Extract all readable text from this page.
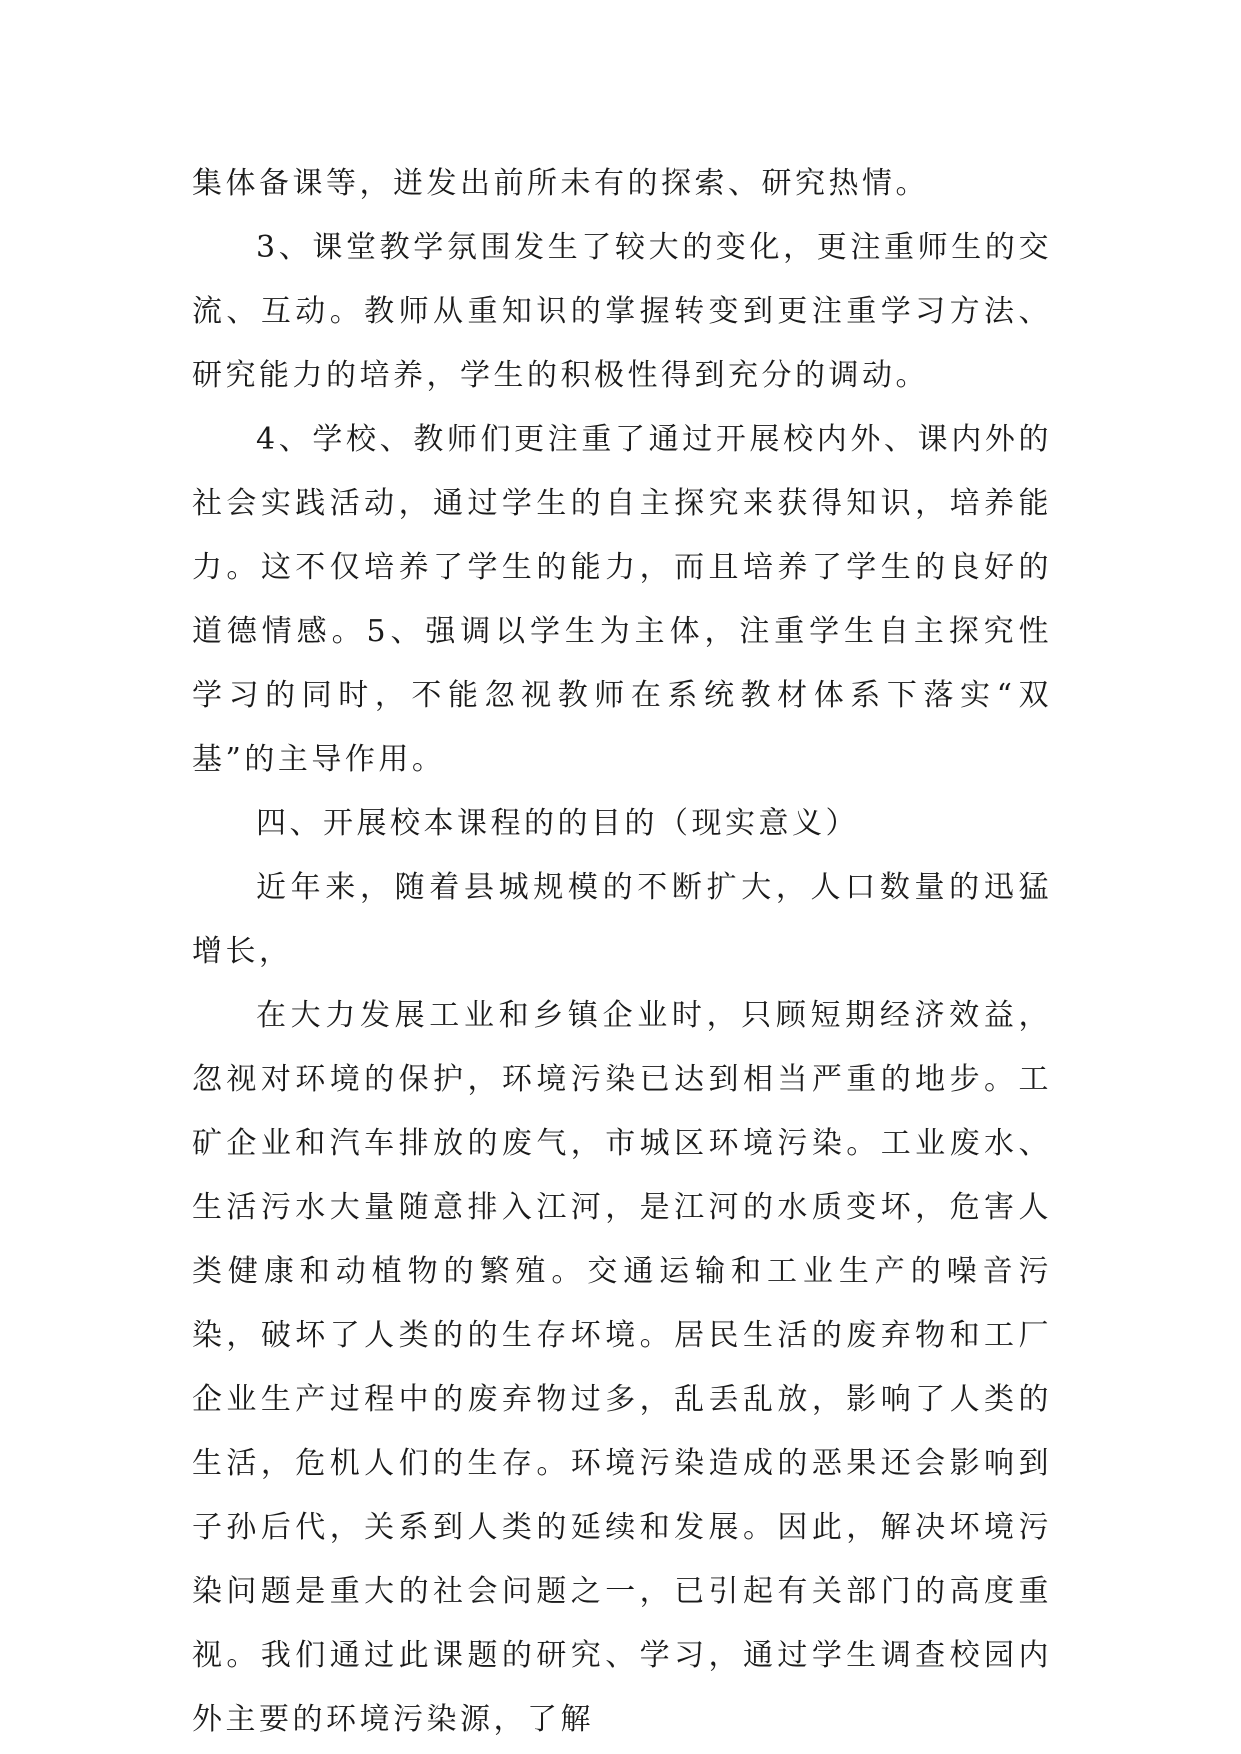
集体备课等，迸发出前所未有的探索、研究热情。

3、课堂教学氛围发生了较大的变化，更注重师生的交流、互动。教师从重知识的掌握转变到更注重学习方法、研究能力的培养，学生的积极性得到充分的调动。

4、学校、教师们更注重了通过开展校内外、课内外的社会实践活动，通过学生的自主探究来获得知识，培养能力。这不仅培养了学生的能力，而且培养了学生的良好的道德情感。5、强调以学生为主体，注重学生自主探究性学习的同时，不能忽视教师在系统教材体系下落实“双基”的主导作用。

四、开展校本课程的的目的（现实意义）

近年来，随着县城规模的不断扩大，人口数量的迅猛增长，

在大力发展工业和乡镇企业时，只顾短期经济效益，忽视对环境的保护，环境污染已达到相当严重的地步。工矿企业和汽车排放的废气，市城区环境污染。工业废水、生活污水大量随意排入江河，是江河的水质变坏，危害人类健康和动植物的繁殖。交通运输和工业生产的噪音污染，破坏了人类的的生存坏境。居民生活的废弃物和工厂企业生产过程中的废弃物过多，乱丢乱放，影响了人类的生活，危机人们的生存。环境污染造成的恶果还会影响到子孙后代，关系到人类的延续和发展。因此，解决坏境污染问题是重大的社会问题之一，已引起有关部门的高度重视。我们通过此课题的研究、学习，通过学生调查校园内外主要的环境污染源，了解
